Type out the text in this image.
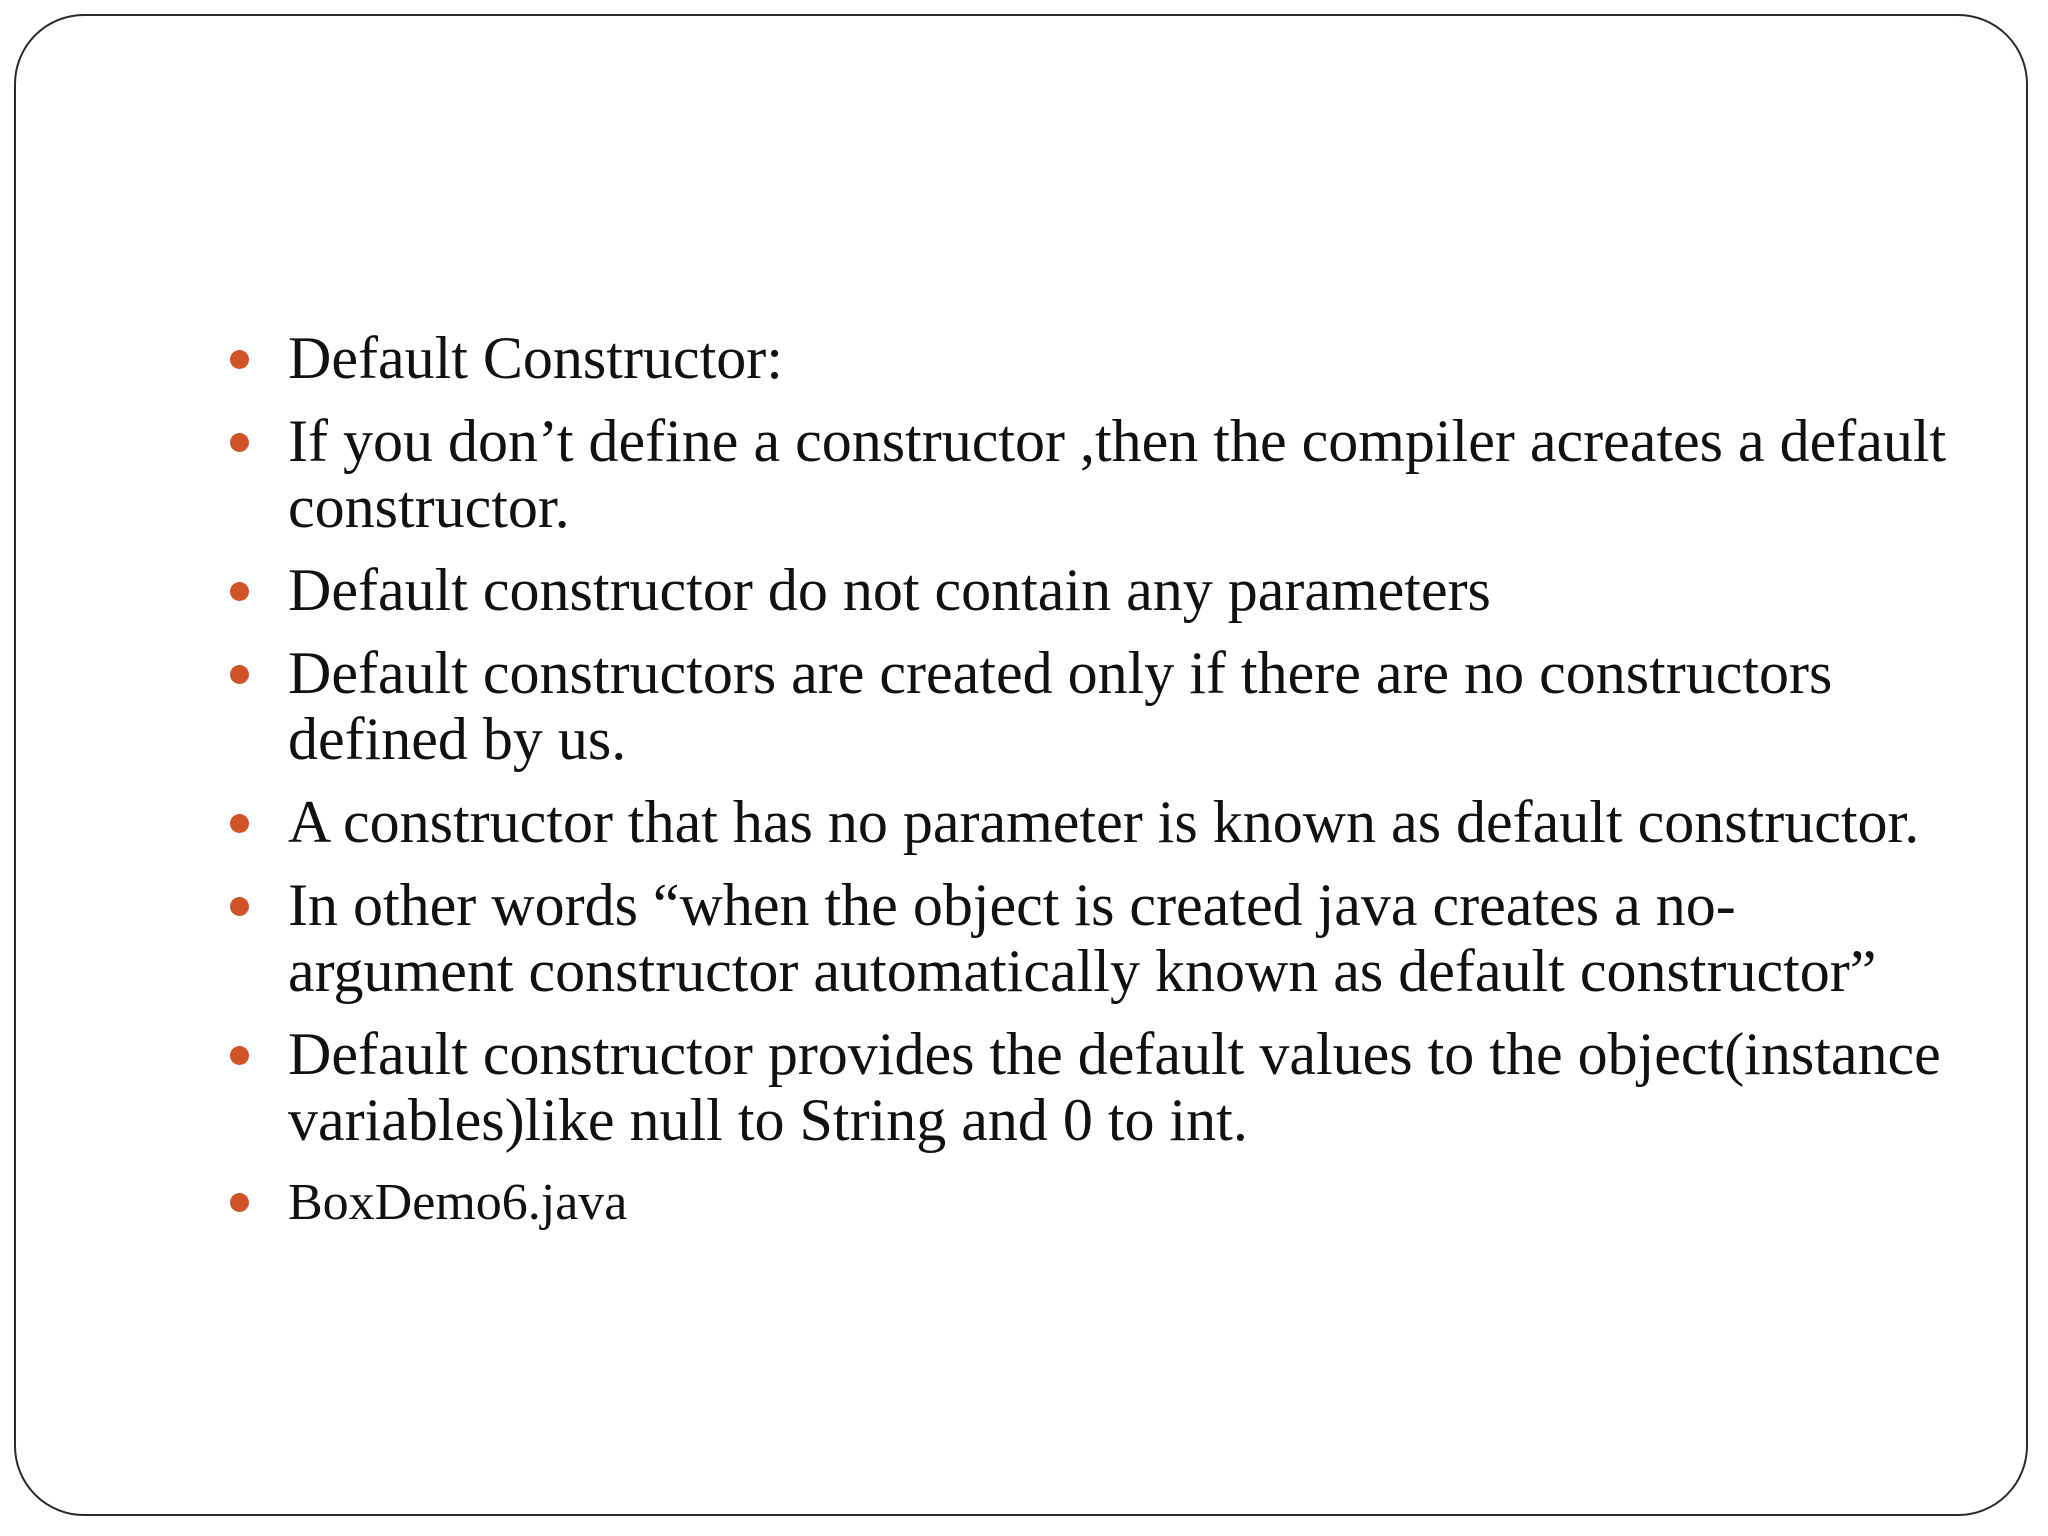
Default Constructor:
If you don’t define a constructor ,then the compiler acreates a default constructor.
Default constructor do not contain any parameters
Default constructors are created only if there are no constructors defined by us.
A constructor that has no parameter is known as default constructor.
In other words “when the object is created java creates a no-argument constructor automatically known as default constructor”
Default constructor provides the default values to the object(instance variables)like null to String and 0 to int.
BoxDemo6.java
